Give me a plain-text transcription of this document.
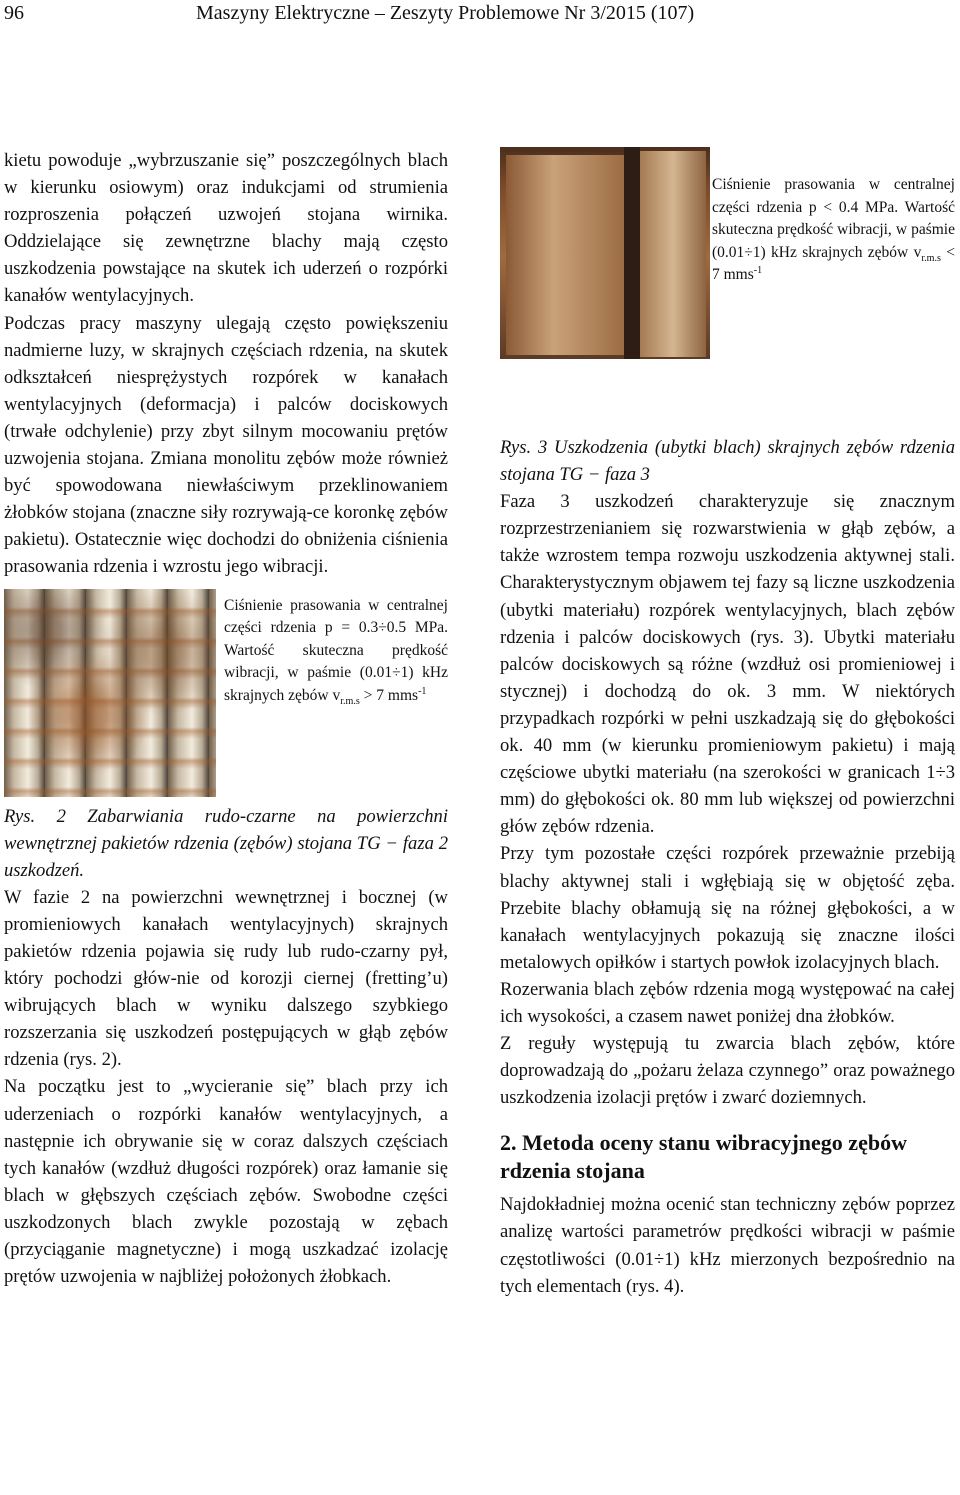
96	Maszyny Elektryczne – Zeszyty Problemowe Nr 3/2015 (107)

kietu powoduje „wybrzuszanie się” poszczególnych blach w kierunku osiowym) oraz indukcjami od strumienia rozproszenia połączeń uzwojeń stojana wirnika. Oddzielające się zewnętrzne blachy mają często uszkodzenia powstające na skutek ich uderzeń o rozpórki kanałów wentylacyjnych.

Podczas pracy maszyny ulegają często powiększeniu nadmierne luzy, w skrajnych częściach rdzenia, na skutek odkształceń niesprężystych rozpórek w kanałach wentylacyjnych (deformacja) i palców dociskowych (trwałe odchylenie) przy zbyt silnym mocowaniu prętów uzwojenia stojana. Zmiana monolitu zębów może również być spowodowana niewłaściwym przeklinowaniem żłobków stojana (znaczne siły rozrywają-ce koronkę zębów pakietu). Ostatecznie więc dochodzi do obniżenia ciśnienia prasowania rdzenia i wzrostu jego wibracji.

Ciśnienie prasowania w centralnej części rdzenia p = 0.3÷0.5 MPa. Wartość skuteczna prędkość wibracji, w paśmie (0.01÷1) kHz skrajnych zębów $v_{r.m.s} > 7$ mms$^{-1}$

Rys. 2 Zabarwiania rudo-czarne na powierzchni wewnętrznej pakietów rdzenia (zębów) stojana TG − faza 2 uszkodzeń.

W fazie 2 na powierzchni wewnętrznej i bocznej (w promieniowych kanałach wentylacyjnych) skrajnych pakietów rdzenia pojawia się rudy lub rudo-czarny pył, który pochodzi głów-nie od korozji ciernej (fretting’u) wibrujących blach w wyniku dalszego szybkiego rozszerzania się uszkodzeń postępujących w głąb zębów rdzenia (rys. 2).

Na początku jest to „wycieranie się” blach przy ich uderzeniach o rozpórki kanałów wentylacyjnych, a następnie ich obrywanie się w coraz dalszych częściach tych kanałów (wzdłuż długości rozpórek) oraz łamanie się blach w głębszych częściach zębów. Swobodne części uszkodzonych blach zwykle pozostają w zębach (przyciąganie magnetyczne) i mogą uszkadzać izolację prętów uzwojenia w najbliżej położonych żłobkach.

Ciśnienie prasowania w centralnej części rdzenia p < 0.4 MPa. Wartość skuteczna prędkość wibracji, w paśmie (0.01÷1) kHz skrajnych zębów $v_{r.m.s} < 7$ mms$^{-1}$

Rys. 3 Uszkodzenia (ubytki blach) skrajnych zębów rdzenia stojana TG − faza 3

Faza 3 uszkodzeń charakteryzuje się znacznym rozprzestrzenianiem się rozwarstwienia w głąb zębów, a także wzrostem tempa rozwoju uszkodzenia aktywnej stali. Charakterystycznym objawem tej fazy są liczne uszkodzenia (ubytki materiału) rozpórek wentylacyjnych, blach zębów rdzenia i palców dociskowych (rys. 3). Ubytki materiału palców dociskowych są różne (wzdłuż osi promieniowej i stycznej) i dochodzą do ok. 3 mm. W niektórych przypadkach rozpórki w pełni uszkadzają się do głębokości ok. 40 mm (w kierunku promieniowym pakietu) i mają częściowe ubytki materiału (na szerokości w granicach 1÷3 mm) do głębokości ok. 80 mm lub większej od powierzchni głów zębów rdzenia.

Przy tym pozostałe części rozpórek przeważnie przebiją blachy aktywnej stali i wgłębiają się w objętość zęba. Przebite blachy obłamują się na różnej głębokości, a w kanałach wentylacyjnych pokazują się znaczne ilości metalowych opiłków i startych powłok izolacyjnych blach.

Rozerwania blach zębów rdzenia mogą występować na całej ich wysokości, a czasem nawet poniżej dna żłobków.

Z reguły występują tu zwarcia blach zębów, które doprowadzają do „pożaru żelaza czynnego” oraz poważnego uszkodzenia izolacji prętów i zwarć doziemnych.

2. Metoda oceny stanu wibracyjnego zębów rdzenia stojana

Najdokładniej można ocenić stan techniczny zębów poprzez analizę wartości parametrów prędkości wibracji w paśmie częstotliwości (0.01÷1) kHz mierzonych bezpośrednio na tych elementach (rys. 4).
